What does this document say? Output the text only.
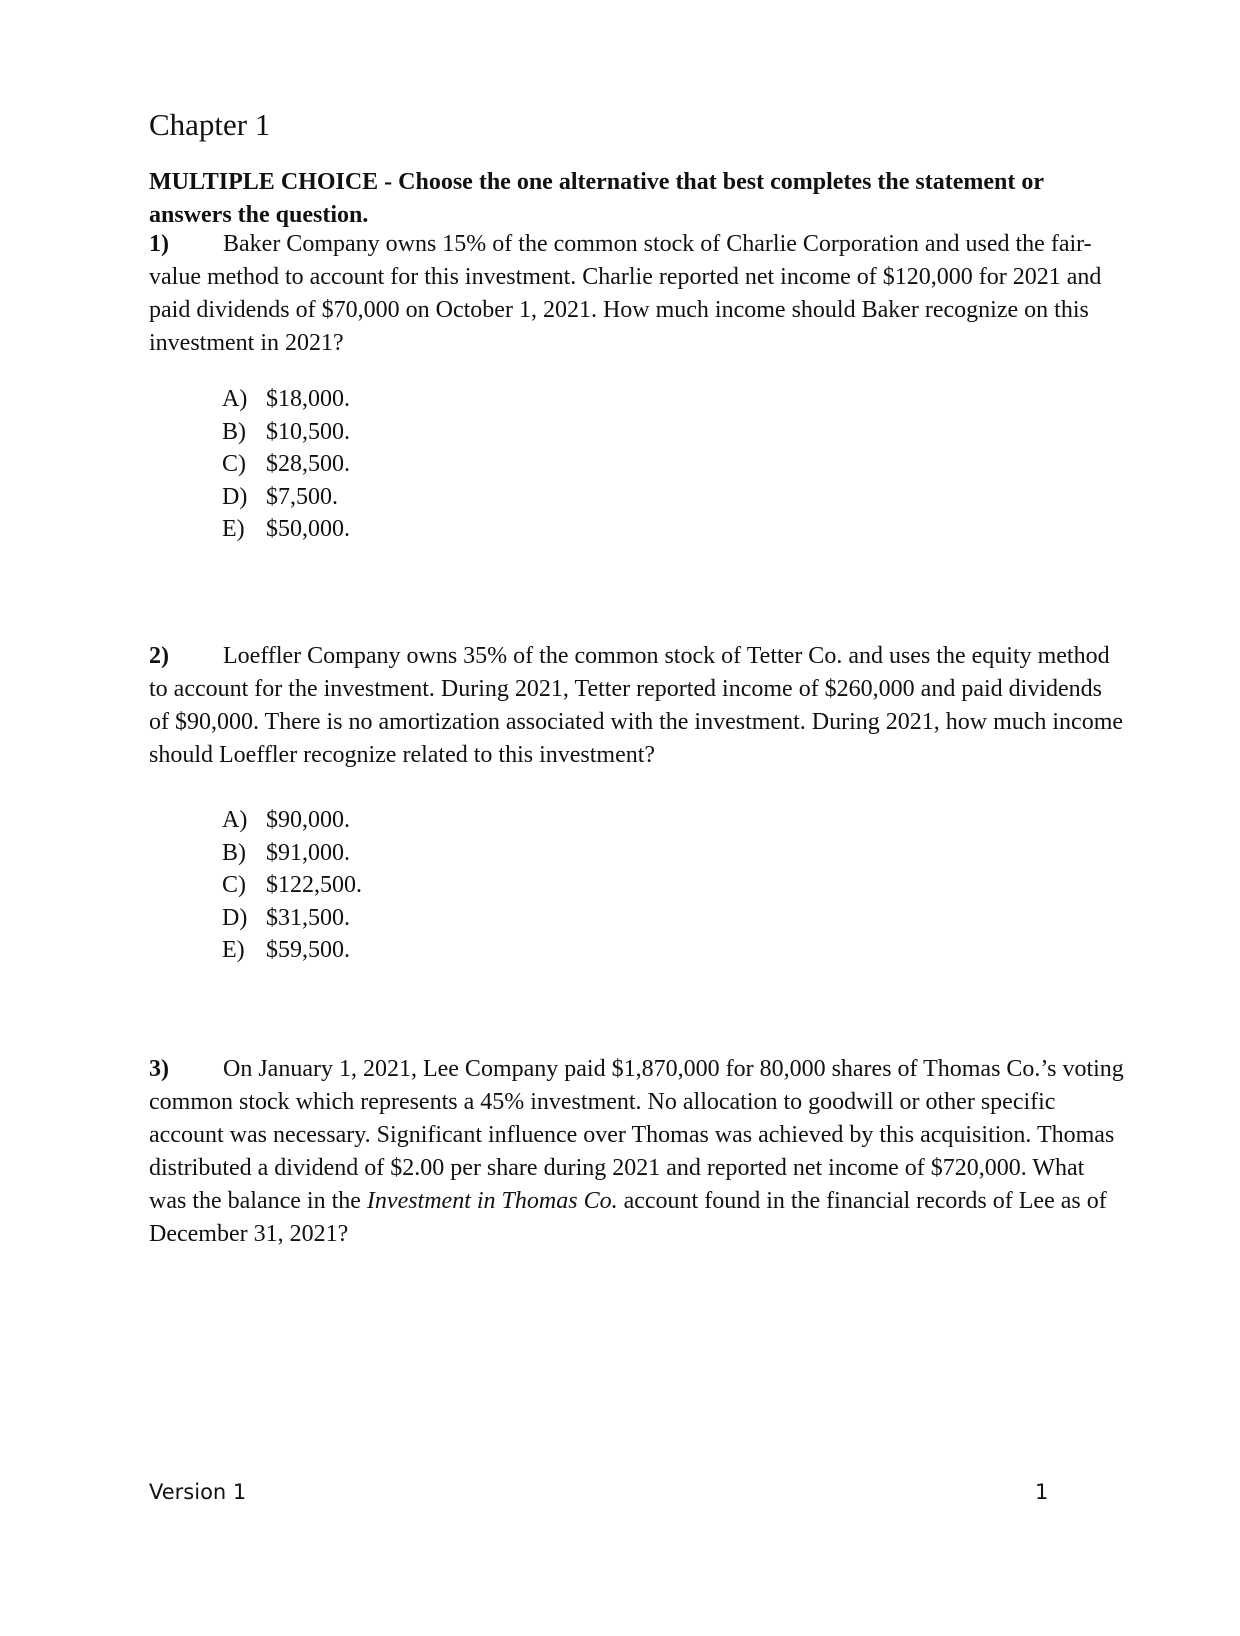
Chapter 1

MULTIPLE CHOICE - Choose the one alternative that best completes the statement or answers the question.

1) Baker Company owns 15% of the common stock of Charlie Corporation and used the fair-value method to account for this investment. Charlie reported net income of $120,000 for 2021 and paid dividends of $70,000 on October 1, 2021. How much income should Baker recognize on this investment in 2021?

A) $18,000.
B) $10,500.
C) $28,500.
D) $7,500.
E) $50,000.

2) Loeffler Company owns 35% of the common stock of Tetter Co. and uses the equity method to account for the investment. During 2021, Tetter reported income of $260,000 and paid dividends of $90,000. There is no amortization associated with the investment. During 2021, how much income should Loeffler recognize related to this investment?

A) $90,000.
B) $91,000.
C) $122,500.
D) $31,500.
E) $59,500.

3) On January 1, 2021, Lee Company paid $1,870,000 for 80,000 shares of Thomas Co.’s voting common stock which represents a 45% investment. No allocation to goodwill or other specific account was necessary. Significant influence over Thomas was achieved by this acquisition. Thomas distributed a dividend of $2.00 per share during 2021 and reported net income of $720,000. What was the balance in the Investment in Thomas Co. account found in the financial records of Lee as of December 31, 2021?

Version 1	1
